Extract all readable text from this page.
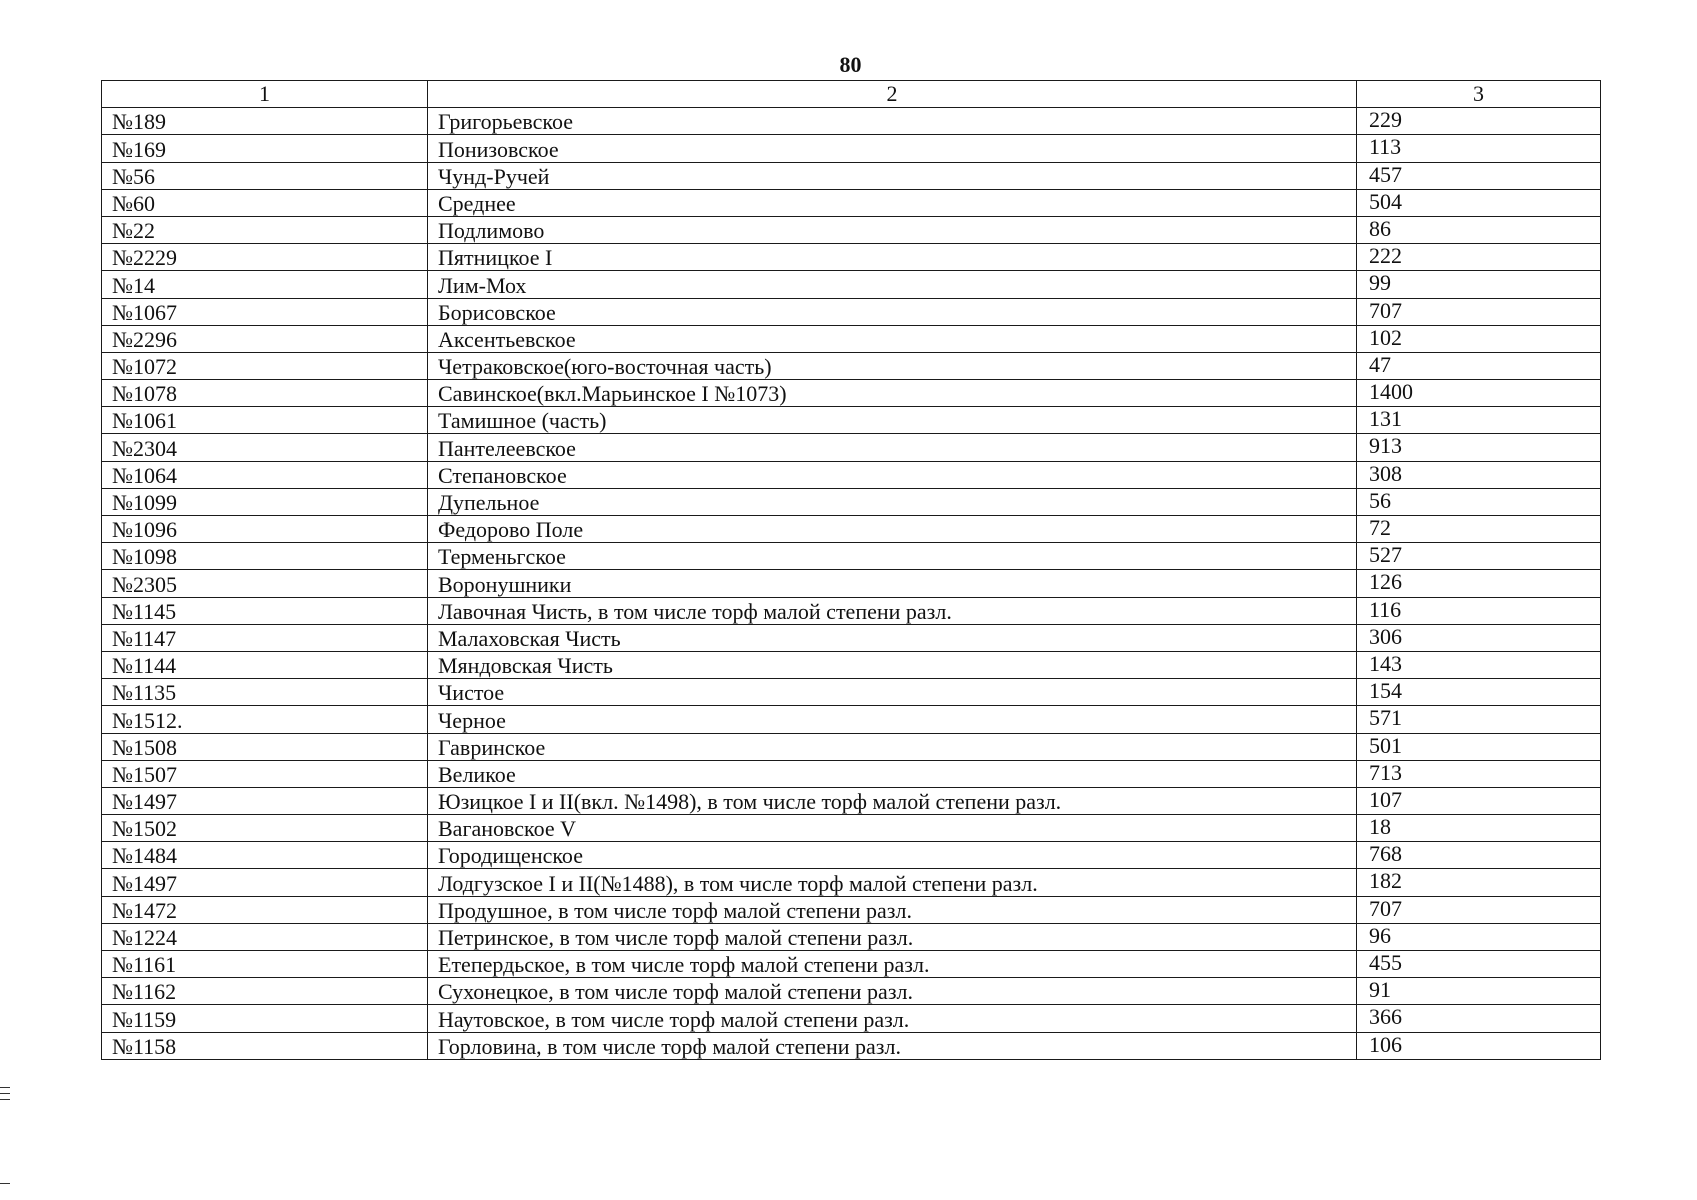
80
1	2	3
№189	Григорьевское	229
№169	Понизовское	113
№56	Чунд-Ручей	457
№60	Среднее	504
№22	Подлимово	86
№2229	Пятницкое I	222
№14	Лим-Мох	99
№1067	Борисовское	707
№2296	Аксентьевское	102
№1072	Четраковское(юго-восточная часть)	47
№1078	Савинское(вкл.Марьинское I №1073)	1400
№1061	Тамишное (часть)	131
№2304	Пантелеевское	913
№1064	Степановское	308
№1099	Дупельное	56
№1096	Федорово Поле	72
№1098	Терменьгское	527
№2305	Воронушники	126
№1145	Лавочная Чисть, в том числе торф малой степени разл.	116
№1147	Малаховская Чисть	306
№1144	Мяндовская Чисть	143
№1135	Чистое	154
№1512.	Черное	571
№1508	Гавринское	501
№1507	Великое	713
№1497	Юзицкое I и II(вкл. №1498), в том числе торф малой степени разл.	107
№1502	Вагановское V	18
№1484	Городищенское	768
№1497	Лодгузское I и II(№1488), в том числе торф малой степени разл.	182
№1472	Продушное, в том числе торф малой степени разл.	707
№1224	Петринское, в том числе торф малой степени разл.	96
№1161	Етепердьское, в том числе торф малой степени разл.	455
№1162	Сухонецкое, в том числе торф малой степени разл.	91
№1159	Наутовское, в том числе торф малой степени разл.	366
№1158	Горловина, в том числе торф малой степени разл.	106
